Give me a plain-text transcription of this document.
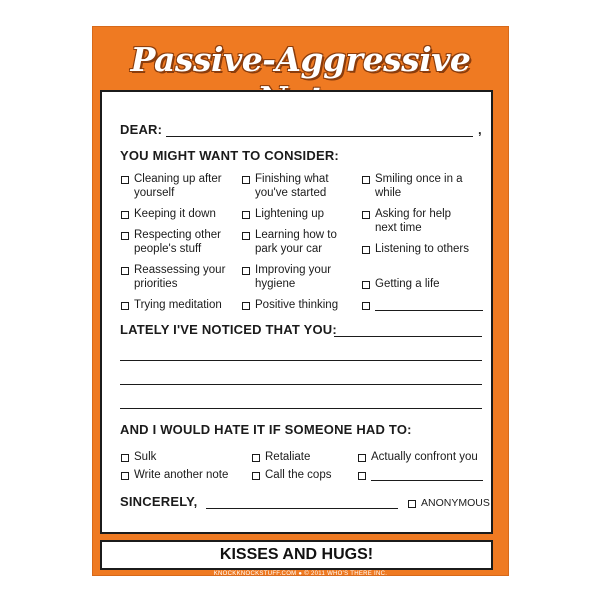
Passive-Aggressive
DEAR:	,
YOU MIGHT WANT TO CONSIDER:
Cleaning up after yourself
Keeping it down
Respecting other people's stuff
Reassessing your priorities
Trying meditation
Finishing what you've started
Lightening up
Learning how to park your car
Improving your hygiene
Positive thinking
Smiling once in a while
Asking for help next time
Listening to others
Getting a life
LATELY I'VE NOTICED THAT YOU:
AND I WOULD HATE IT IF SOMEONE HAD TO:
Sulk	Retaliate	Actually confront you
Write another note	Call the cops
SINCERELY,	ANONYMOUS
KISSES AND HUGS!
KNOCKKNOCKSTUFF.COM ● © 2011 WHO'S THERE INC.
